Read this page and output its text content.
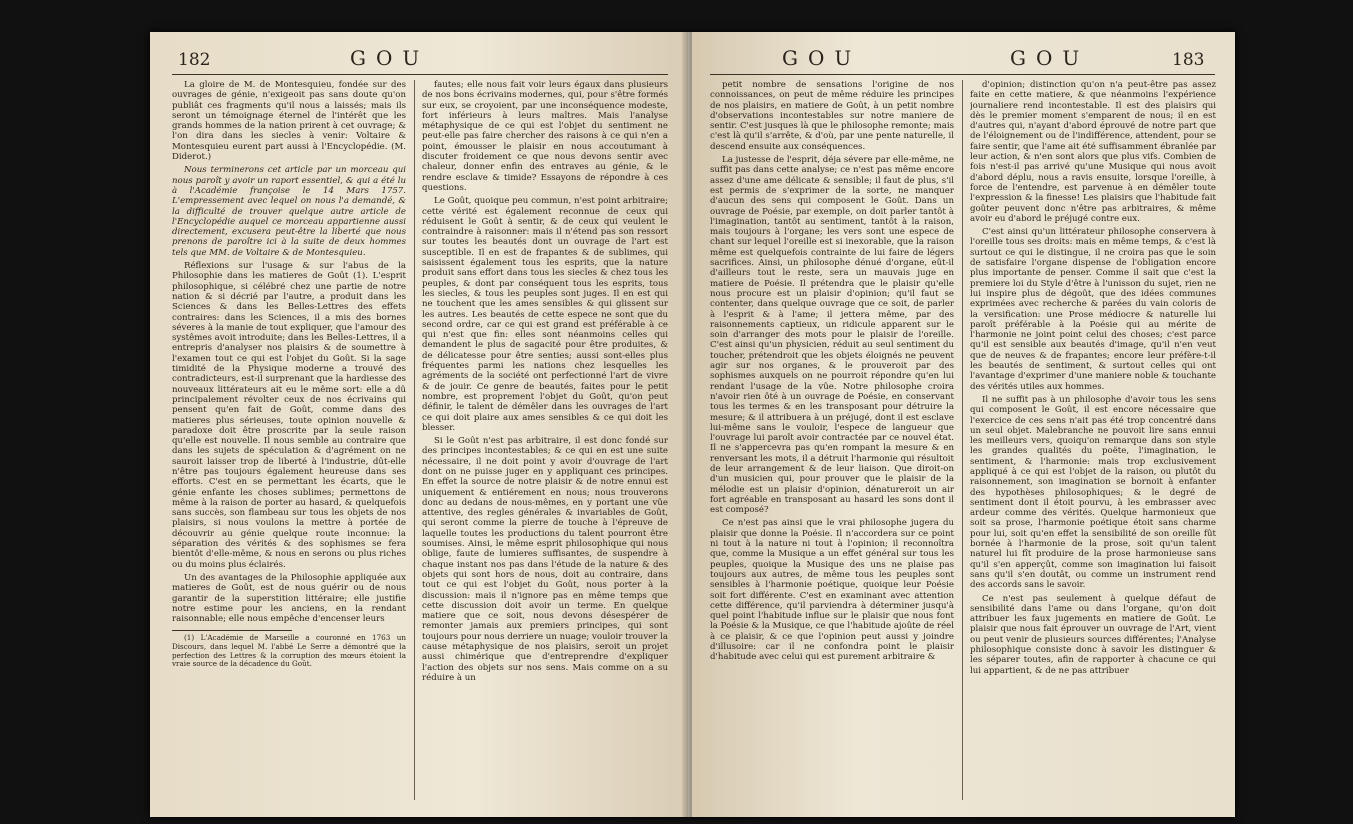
182	GOU

La gloire de M. de Montesquieu, fondée sur des ouvrages de génie, n'exigeoit pas sans doute qu'on publiât ces fragments qu'il nous a laissés; mais ils seront un témoignage éternel de l'intérêt que les grands hommes de la nation prirent à cet ouvrage; & l'on dira dans les siecles à venir: Voltaire & Montesquieu eurent part aussi à l'Encyclopédie. (M. Diderot.)

Nous terminerons cet article par un morceau qui nous paroît y avoir un raport essentiel, & qui a été lu à l'Académie françoise le 14 Mars 1757. L'empressement avec lequel on nous l'a demandé, & la difficulté de trouver quelque autre article de l'Encyclopédie auquel ce morceau appartienne aussi directement, excusera peut-être la liberté que nous prenons de paroître ici à la suite de deux hommes tels que MM. de Voltaire & de Montesquieu.

Réflexions sur l'usage & sur l'abus de la Philosophie dans les matieres de Goût (1). L'esprit philosophique, si célébré chez une partie de notre nation & si décrié par l'autre, a produit dans les Sciences & dans les Belles-Lettres des effets contraires: dans les Sciences, il a mis des bornes séveres à la manie de tout expliquer, que l'amour des systêmes avoit introduite; dans les Belles-Lettres, il a entrepris d'analyser nos plaisirs & de soumettre à l'examen tout ce qui est l'objet du Goût. Si la sage timidité de la Physique moderne a trouvé des contradicteurs, est-il surprenant que la hardiesse des nouveaux littérateurs ait eu le même sort: elle a dû principalement révolter ceux de nos écrivains qui pensent qu'en fait de Goût, comme dans des matieres plus sérieuses, toute opinion nouvelle & paradoxe doit être proscrite par la seule raison qu'elle est nouvelle. Il nous semble au contraire que dans les sujets de spéculation & d'agrément on ne sauroit laisser trop de liberté à l'industrie, dût-elle n'être pas toujours également heureuse dans ses efforts. C'est en se permettant les écarts, que le génie enfante les choses sublimes; permettons de même à la raison de porter au hasard, & quelquefois sans succès, son flambeau sur tous les objets de nos plaisirs, si nous voulons la mettre à portée de découvrir au génie quelque route inconnue: la séparation des vérités & des sophismes se fera bientôt d'elle-même, & nous en serons ou plus riches ou du moins plus éclairés.

Un des avantages de la Philosophie appliquée aux matieres de Goût, est de nous guérir ou de nous garantir de la superstition littéraire; elle justifie notre estime pour les anciens, en la rendant raisonnable; elle nous empêche d'encenser leurs

(1) L'Académie de Marseille a couronné en 1763 un Discours, dans lequel M. l'abbé Le Serre a démontré que la perfection des Lettres & la corruption des mœurs étoient la vraie source de la décadence du Goût.

fautes; elle nous fait voir leurs égaux dans plusieurs de nos bons écrivains modernes, qui, pour s'être formés sur eux, se croyoient, par une inconséquence modeste, fort inférieurs à leurs maîtres. Mais l'analyse métaphysique de ce qui est l'objet du sentiment ne peut-elle pas faire chercher des raisons à ce qui n'en a point, émousser le plaisir en nous accoutumant à discuter froidement ce que nous devons sentir avec chaleur, donner enfin des entraves au génie, & le rendre esclave & timide? Essayons de répondre à ces questions.

Le Goût, quoique peu commun, n'est point arbitraire; cette vérité est également reconnue de ceux qui réduisent le Goût à sentir, & de ceux qui veulent le contraindre à raisonner: mais il n'étend pas son ressort sur toutes les beautés dont un ouvrage de l'art est susceptible. Il en est de frapantes & de sublimes, qui saisissent également tous les esprits, que la nature produit sans effort dans tous les siecles & chez tous les peuples, & dont par conséquent tous les esprits, tous les siecles, & tous les peuples sont juges. Il en est qui ne touchent que les ames sensibles & qui glissent sur les autres. Les beautés de cette espece ne sont que du second ordre, car ce qui est grand est préférable à ce qui n'est que fin: elles sont néanmoins celles qui demandent le plus de sagacité pour être produites, & de délicatesse pour être senties; aussi sont-elles plus fréquentes parmi les nations chez lesquelles les agréments de la société ont perfectionné l'art de vivre & de jouir. Ce genre de beautés, faites pour le petit nombre, est proprement l'objet du Goût, qu'on peut définir, le talent de démêler dans les ouvrages de l'art ce qui doit plaire aux ames sensibles & ce qui doit les blesser.

Si le Goût n'est pas arbitraire, il est donc fondé sur des principes incontestables; & ce qui en est une suite nécessaire, il ne doit point y avoir d'ouvrage de l'art dont on ne puisse juger en y appliquant ces principes. En effet la source de notre plaisir & de notre ennui est uniquement & entiérement en nous; nous trouverons donc au dedans de nous-mêmes, en y portant une vûe attentive, des regles générales & invariables de Goût, qui seront comme la pierre de touche à l'épreuve de laquelle toutes les productions du talent pourront être soumises. Ainsi, le même esprit philosophique qui nous oblige, faute de lumieres suffisantes, de suspendre à chaque instant nos pas dans l'étude de la nature & des objets qui sont hors de nous, doit au contraire, dans tout ce qui est l'objet du Goût, nous porter à la discussion: mais il n'ignore pas en même temps que cette discussion doit avoir un terme. En quelque matiere que ce soit, nous devons désespérer de remonter jamais aux premiers principes, qui sont toujours pour nous derriere un nuage; vouloir trouver la cause métaphysique de nos plaisirs, seroit un projet aussi chimérique que d'entreprendre d'expliquer l'action des objets sur nos sens. Mais comme on a su réduire à un

GOU	GOU	183

petit nombre de sensations l'origine de nos connoissances, on peut de même réduire les principes de nos plaisirs, en matiere de Goût, à un petit nombre d'observations incontestables sur notre maniere de sentir. C'est jusques là que le philosophe remonte; mais c'est là qu'il s'arrête, & d'où, par une pente naturelle, il descend ensuite aux conséquences.

La justesse de l'esprit, déja sévere par elle-même, ne suffit pas dans cette analyse; ce n'est pas même encore assez d'une ame délicate & sensible; il faut de plus, s'il est permis de s'exprimer de la sorte, ne manquer d'aucun des sens qui composent le Goût. Dans un ouvrage de Poésie, par exemple, on doit parler tantôt à l'imagination, tantôt au sentiment, tantôt à la raison, mais toujours à l'organe; les vers sont une espece de chant sur lequel l'oreille est si inexorable, que la raison même est quelquefois contrainte de lui faire de légers sacrifices. Ainsi, un philosophe dénué d'organe, eût-il d'ailleurs tout le reste, sera un mauvais juge en matiere de Poésie. Il prétendra que le plaisir qu'elle nous procure est un plaisir d'opinion; qu'il faut se contenter, dans quelque ouvrage que ce soit, de parler à l'esprit & à l'ame; il jettera même, par des raisonnements captieux, un ridicule apparent sur le soin d'arranger des mots pour le plaisir de l'oreille. C'est ainsi qu'un physicien, réduit au seul sentiment du toucher, prétendroit que les objets éloignés ne peuvent agir sur nos organes, & le prouveroit par des sophismes auxquels on ne pourroit répondre qu'en lui rendant l'usage de la vûe. Notre philosophe croira n'avoir rien ôté à un ouvrage de Poésie, en conservant tous les termes & en les transposant pour détruire la mesure; & il attribuera à un préjugé, dont il est esclave lui-même sans le vouloir, l'espece de langueur que l'ouvrage lui paroît avoir contractée par ce nouvel état. Il ne s'appercevra pas qu'en rompant la mesure & en renversant les mots, il a détruit l'harmonie qui résultoit de leur arrangement & de leur liaison. Que diroit-on d'un musicien qui, pour prouver que le plaisir de la mélodie est un plaisir d'opinion, dénatureroit un air fort agréable en transposant au hasard les sons dont il est composé?

Ce n'est pas ainsi que le vrai philosophe jugera du plaisir que donne la Poésie. Il n'accordera sur ce point ni tout à la nature ni tout à l'opinion; il reconnoîtra que, comme la Musique a un effet général sur tous les peuples, quoique la Musique des uns ne plaise pas toujours aux autres, de même tous les peuples sont sensibles à l'harmonie poétique, quoique leur Poésie soit fort différente. C'est en examinant avec attention cette différence, qu'il parviendra à déterminer jusqu'à quel point l'habitude influe sur le plaisir que nous font la Poésie & la Musique, ce que l'habitude ajoûte de réel à ce plaisir, & ce que l'opinion peut aussi y joindre d'illusoire: car il ne confondra point le plaisir d'habitude avec celui qui est purement arbitraire &

d'opinion; distinction qu'on n'a peut-être pas assez faite en cette matiere, & que néanmoins l'expérience journaliere rend incontestable. Il est des plaisirs qui dès le premier moment s'emparent de nous; il en est d'autres qui, n'ayant d'abord éprouvé de notre part que de l'éloignement ou de l'indifférence, attendent, pour se faire sentir, que l'ame ait été suffisamment ébranlée par leur action, & n'en sont alors que plus vifs. Combien de fois n'est-il pas arrivé qu'une Musique qui nous avoit d'abord déplu, nous a ravis ensuite, lorsque l'oreille, à force de l'entendre, est parvenue à en démêler toute l'expression & la finesse! Les plaisirs que l'habitude fait goûter peuvent donc n'être pas arbitraires, & même avoir eu d'abord le préjugé contre eux.

C'est ainsi qu'un littérateur philosophe conservera à l'oreille tous ses droits: mais en même temps, & c'est là surtout ce qui le distingue, il ne croira pas que le soin de satisfaire l'organe dispense de l'obligation encore plus importante de penser. Comme il sait que c'est la premiere loi du Style d'être à l'unisson du sujet, rien ne lui inspire plus de dégoût, que des idées communes exprimées avec recherche & parées du vain coloris de la versification: une Prose médiocre & naturelle lui paroît préférable à la Poésie qui au mérite de l'harmonie ne joint point celui des choses; c'est parce qu'il est sensible aux beautés d'image, qu'il n'en veut que de neuves & de frapantes; encore leur préfère-t-il les beautés de sentiment, & surtout celles qui ont l'avantage d'exprimer d'une maniere noble & touchante des vérités utiles aux hommes.

Il ne suffit pas à un philosophe d'avoir tous les sens qui composent le Goût, il est encore nécessaire que l'exercice de ces sens n'ait pas été trop concentré dans un seul objet. Malebranche ne pouvoit lire sans ennui les meilleurs vers, quoiqu'on remarque dans son style les grandes qualités du poëte, l'imagination, le sentiment, & l'harmonie: mais trop exclusivement appliqué à ce qui est l'objet de la raison, ou plutôt du raisonnement, son imagination se bornoit à enfanter des hypothèses philosophiques; & le degré de sentiment dont il étoit pourvu, à les embrasser avec ardeur comme des vérités. Quelque harmonieux que soit sa prose, l'harmonie poétique étoit sans charme pour lui, soit qu'en effet la sensibilité de son oreille fût bornée à l'harmonie de la prose, soit qu'un talent naturel lui fît produire de la prose harmonieuse sans qu'il s'en apperçût, comme son imagination lui faisoit sans qu'il s'en doutât, ou comme un instrument rend des accords sans le savoir.

Ce n'est pas seulement à quelque défaut de sensibilité dans l'ame ou dans l'organe, qu'on doit attribuer les faux jugements en matiere de Goût. Le plaisir que nous fait éprouver un ouvrage de l'Art, vient ou peut venir de plusieurs sources différentes; l'Analyse philosophique consiste donc à savoir les distinguer & les séparer toutes, afin de rapporter à chacune ce qui lui appartient, & de ne pas attribuer
